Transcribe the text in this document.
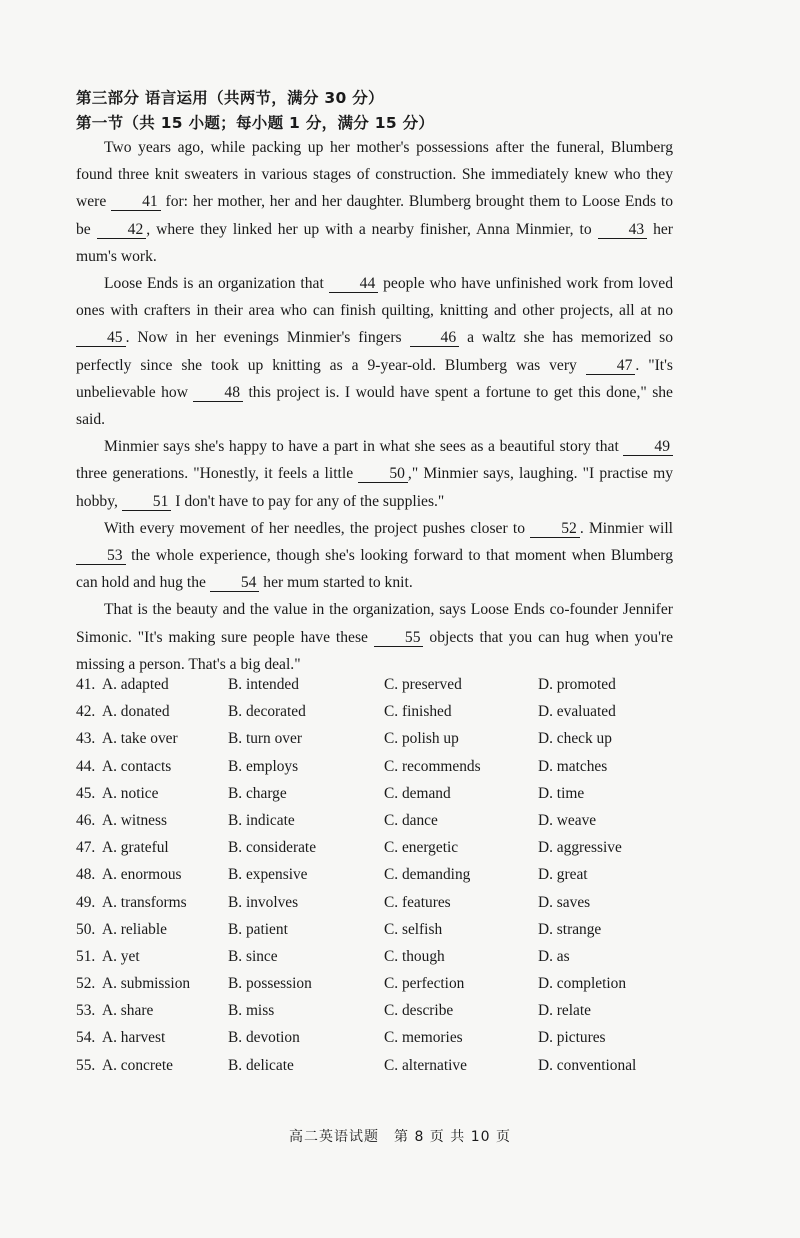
第三部分 语言运用（共两节，满分 30 分）
第一节（共 15 小题；每小题 1 分，满分 15 分）

Two years ago, while packing up her mother's possessions after the funeral, Blumberg found three knit sweaters in various stages of construction. She immediately knew who they were 41 for: her mother, her and her daughter. Blumberg brought them to Loose Ends to be 42 , where they linked her up with a nearby finisher, Anna Minmier, to 43 her mum's work.

Loose Ends is an organization that 44 people who have unfinished work from loved ones with crafters in their area who can finish quilting, knitting and other projects, all at no 45 . Now in her evenings Minmier's fingers 46 a waltz she has memorized so perfectly since she took up knitting as a 9-year-old. Blumberg was very 47 . "It's unbelievable how 48 this project is. I would have spent a fortune to get this done," she said.

Minmier says she's happy to have a part in what she sees as a beautiful story that 49 three generations. "Honestly, it feels a little 50 ," Minmier says, laughing. "I practise my hobby, 51 I don't have to pay for any of the supplies."

With every movement of her needles, the project pushes closer to 52 . Minmier will 53 the whole experience, though she's looking forward to that moment when Blumberg can hold and hug the 54 her mum started to knit.

That is the beauty and the value in the organization, says Loose Ends co-founder Jennifer Simonic. "It's making sure people have these 55 objects that you can hug when you're missing a person. That's a big deal."

41. A. adapted	B. intended	C. preserved	D. promoted
42. A. donated	B. decorated	C. finished	D. evaluated
43. A. take over	B. turn over	C. polish up	D. check up
44. A. contacts	B. employs	C. recommends	D. matches
45. A. notice	B. charge	C. demand	D. time
46. A. witness	B. indicate	C. dance	D. weave
47. A. grateful	B. considerate	C. energetic	D. aggressive
48. A. enormous	B. expensive	C. demanding	D. great
49. A. transforms	B. involves	C. features	D. saves
50. A. reliable	B. patient	C. selfish	D. strange
51. A. yet	B. since	C. though	D. as
52. A. submission B. possession	C. perfection	D. completion
53. A. share	B. miss	C. describe	D. relate
54. A. harvest	B. devotion	C. memories	D. pictures
55. A. concrete	B. delicate	C. alternative	D. conventional
高二英语试题　第 8 页 共 10 页
